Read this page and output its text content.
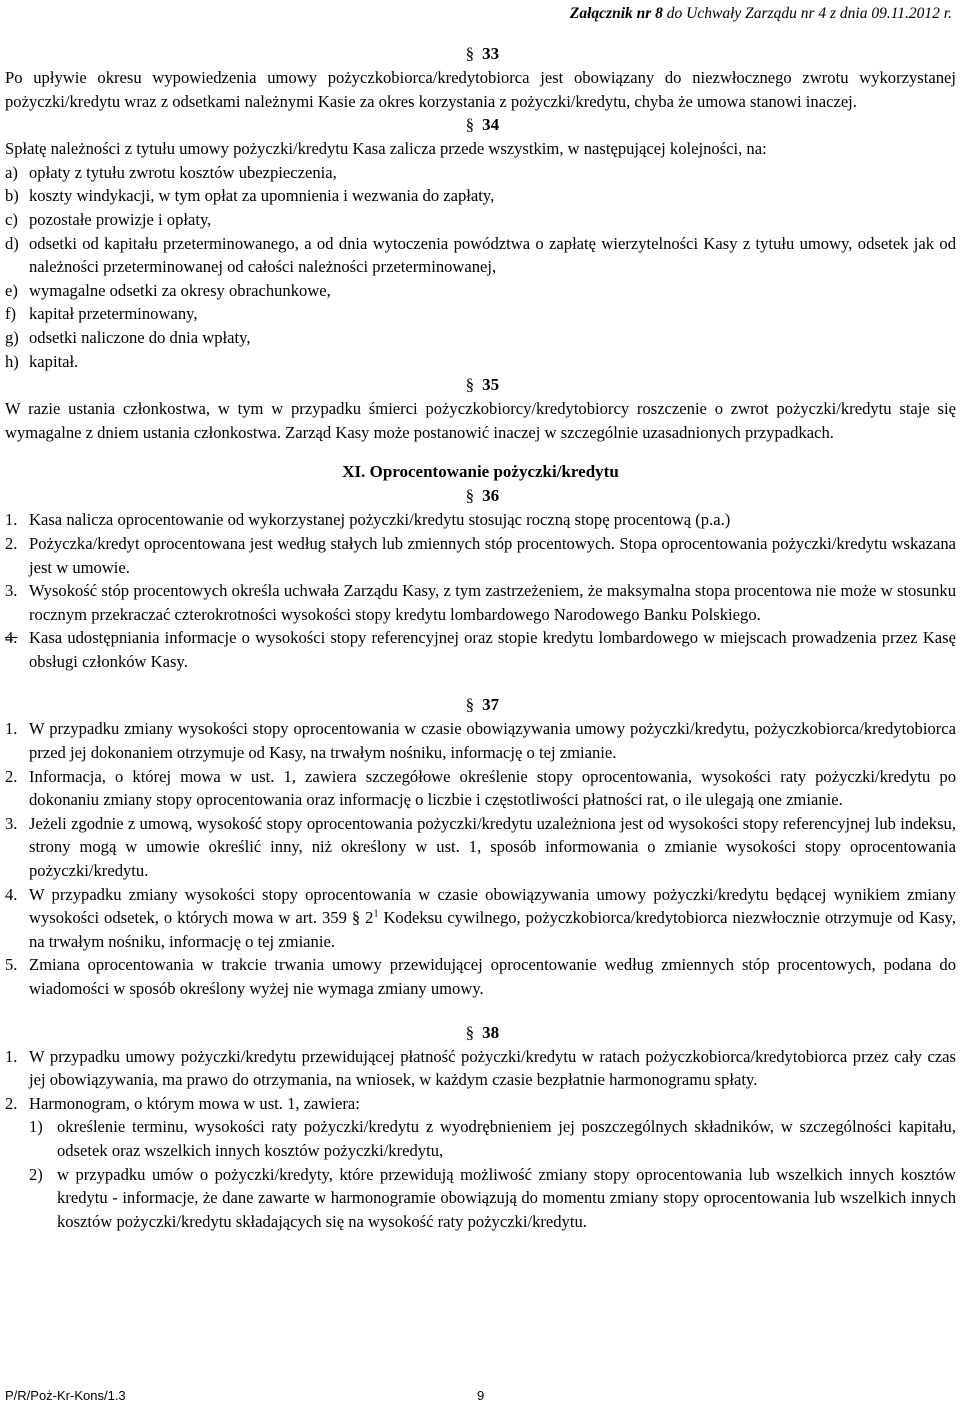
Załącznik nr 8 do Uchwały Zarządu nr 4 z dnia 09.11.2012 r.
§ 33

Po upływie okresu wypowiedzenia umowy pożyczkobiorca/kredytobiorca jest obowiązany do niezwłocznego zwrotu wykorzystanej pożyczki/kredytu wraz z odsetkami należnymi Kasie za okres korzystania z pożyczki/kredytu, chyba że umowa stanowi inaczej.

§ 34

Spłatę należności z tytułu umowy pożyczki/kredytu Kasa zalicza przede wszystkim, w następującej kolejności, na:

a) opłaty z tytułu zwrotu kosztów ubezpieczenia,
b) koszty windykacji, w tym opłat za upomnienia i wezwania do zapłaty,
c) pozostałe prowizje i opłaty,
d) odsetki od kapitału przeterminowanego, a od dnia wytoczenia powództwa o zapłatę wierzytelności Kasy z tytułu umowy, odsetek jak od należności przeterminowanej od całości należności przeterminowanej,
e) wymagalne odsetki za okresy obrachunkowe,
f) kapitał przeterminowany,
g) odsetki naliczone do dnia wpłaty,
h) kapitał.
§ 35

W razie ustania członkostwa, w tym w przypadku śmierci pożyczkobiorcy/kredytobiorcy roszczenie o zwrot pożyczki/kredytu staje się wymagalne z dniem ustania członkostwa. Zarząd Kasy może postanowić inaczej w szczególnie uzasadnionych przypadkach.

XI. Oprocentowanie pożyczki/kredytu
§ 36
1. Kasa nalicza oprocentowanie od wykorzystanej pożyczki/kredytu stosując roczną stopę procentową (p.a.)
2. Pożyczka/kredyt oprocentowana jest według stałych lub zmiennych stóp procentowych. Stopa oprocentowania pożyczki/kredytu wskazana jest w umowie.
3. Wysokość stóp procentowych określa uchwała Zarządu Kasy, z tym zastrzeżeniem, że maksymalna stopa procentowa nie może w stosunku rocznym przekraczać czterokrotności wysokości stopy kredytu lombardowego Narodowego Banku Polskiego.
4. Kasa udostępniania informacje o wysokości stopy referencyjnej oraz stopie kredytu lombardowego w miejscach prowadzenia przez Kasę obsługi członków Kasy.
§ 37
1. W przypadku zmiany wysokości stopy oprocentowania w czasie obowiązywania umowy pożyczki/kredytu, pożyczkobiorca/kredytobiorca przed jej dokonaniem otrzymuje od Kasy, na trwałym nośniku, informację o tej zmianie.
2. Informacja, o której mowa w ust. 1, zawiera szczegółowe określenie stopy oprocentowania, wysokości raty pożyczki/kredytu po dokonaniu zmiany stopy oprocentowania oraz informację o liczbie i częstotliwości płatności rat, o ile ulegają one zmianie.
3. Jeżeli zgodnie z umową, wysokość stopy oprocentowania pożyczki/kredytu uzależniona jest od wysokości stopy referencyjnej lub indeksu, strony mogą w umowie określić inny, niż określony w ust. 1, sposób informowania o zmianie wysokości stopy oprocentowania pożyczki/kredytu.
4. W przypadku zmiany wysokości stopy oprocentowania w czasie obowiązywania umowy pożyczki/kredytu będącej wynikiem zmiany wysokości odsetek, o których mowa w art. 359 § $2^1$ Kodeksu cywilnego, pożyczkobiorca/kredytobiorca niezwłocznie otrzymuje od Kasy, na trwałym nośniku, informację o tej zmianie.
5. Zmiana oprocentowania w trakcie trwania umowy przewidującej oprocentowanie według zmiennych stóp procentowych, podana do wiadomości w sposób określony wyżej nie wymaga zmiany umowy.
§ 38
1. W przypadku umowy pożyczki/kredytu przewidującej płatność pożyczki/kredytu w ratach pożyczkobiorca/kredytobiorca przez cały czas jej obowiązywania, ma prawo do otrzymania, na wniosek, w każdym czasie bezpłatnie harmonogramu spłaty.
2. Harmonogram, o którym mowa w ust. 1, zawiera:
1) określenie terminu, wysokości raty pożyczki/kredytu z wyodrębnieniem jej poszczególnych składników, w szczególności kapitału, odsetek oraz wszelkich innych kosztów pożyczki/kredytu,
2) w przypadku umów o pożyczki/kredyty, które przewidują możliwość zmiany stopy oprocentowania lub wszelkich innych kosztów kredytu - informacje, że dane zawarte w harmonogramie obowiązują do momentu zmiany stopy oprocentowania lub wszelkich innych kosztów pożyczki/kredytu składających się na wysokość raty pożyczki/kredytu.
P/R/Poż-Kr-Kons/1.3	9
